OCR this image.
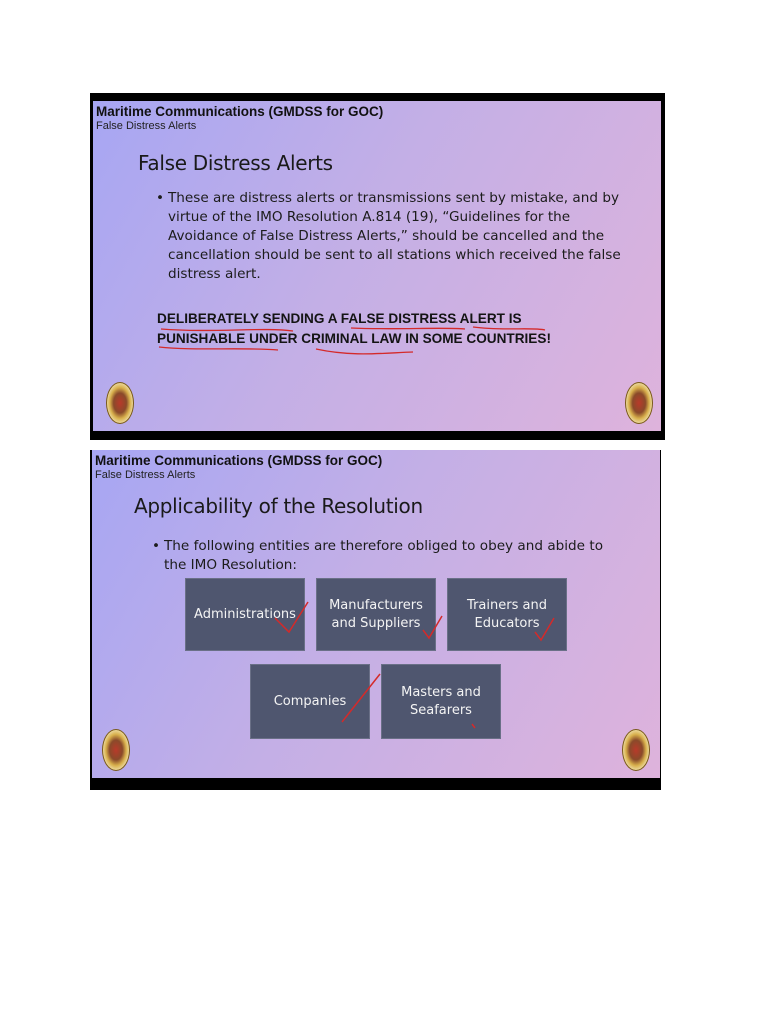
Maritime Communications (GMDSS for GOC)
False Distress Alerts
False Distress Alerts
• These are distress alerts or transmissions sent by mistake, and by virtue of the IMO Resolution A.814 (19), “Guidelines for the Avoidance of False Distress Alerts,” should be cancelled and the cancellation should be sent to all stations which received the false distress alert.
DELIBERATELY SENDING A FALSE DISTRESS ALERT IS
PUNISHABLE UNDER CRIMINAL LAW IN SOME COUNTRIES!
Maritime Communications (GMDSS for GOC)
False Distress Alerts
Applicability of the Resolution
• The following entities are therefore obliged to obey and abide to the IMO Resolution:
Administrations
Manufacturers
and Suppliers
Trainers and
Educators
Companies
Masters and
Seafarers
